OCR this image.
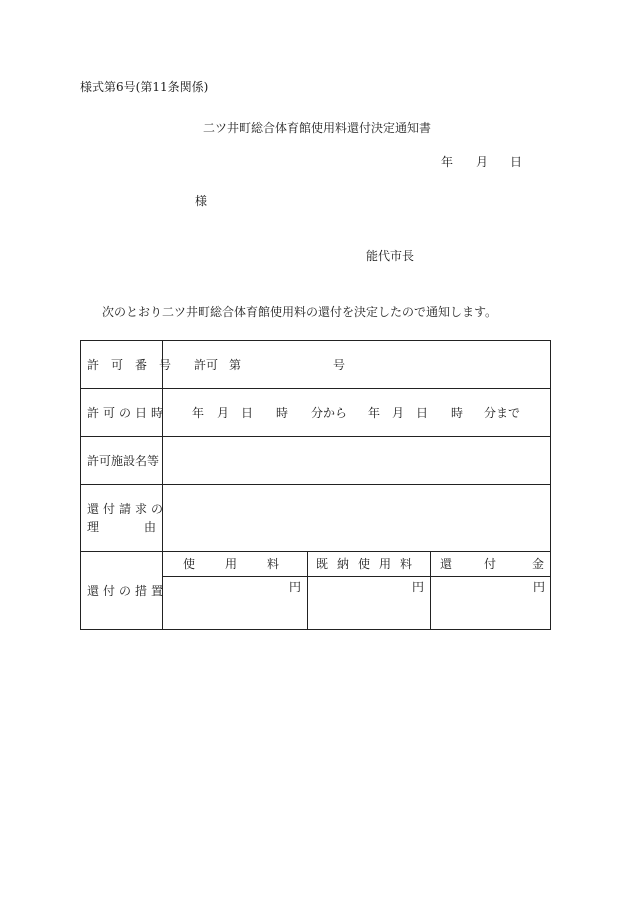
様式第6号(第11条関係)
二ツ井町総合体育館使用料還付決定通知書
年 月 日
様
能代市長
次のとおり二ツ井町総合体育館使用料の還付を決定したので通知します。
許可番号 許可 第	号
許可の日時 年 月 日 時 分から 年 月 日 時 分まで
許可施設名等
還付請求の
理	由
還付の措置
使用料 既納使用料 還	付	金
円	円	円
